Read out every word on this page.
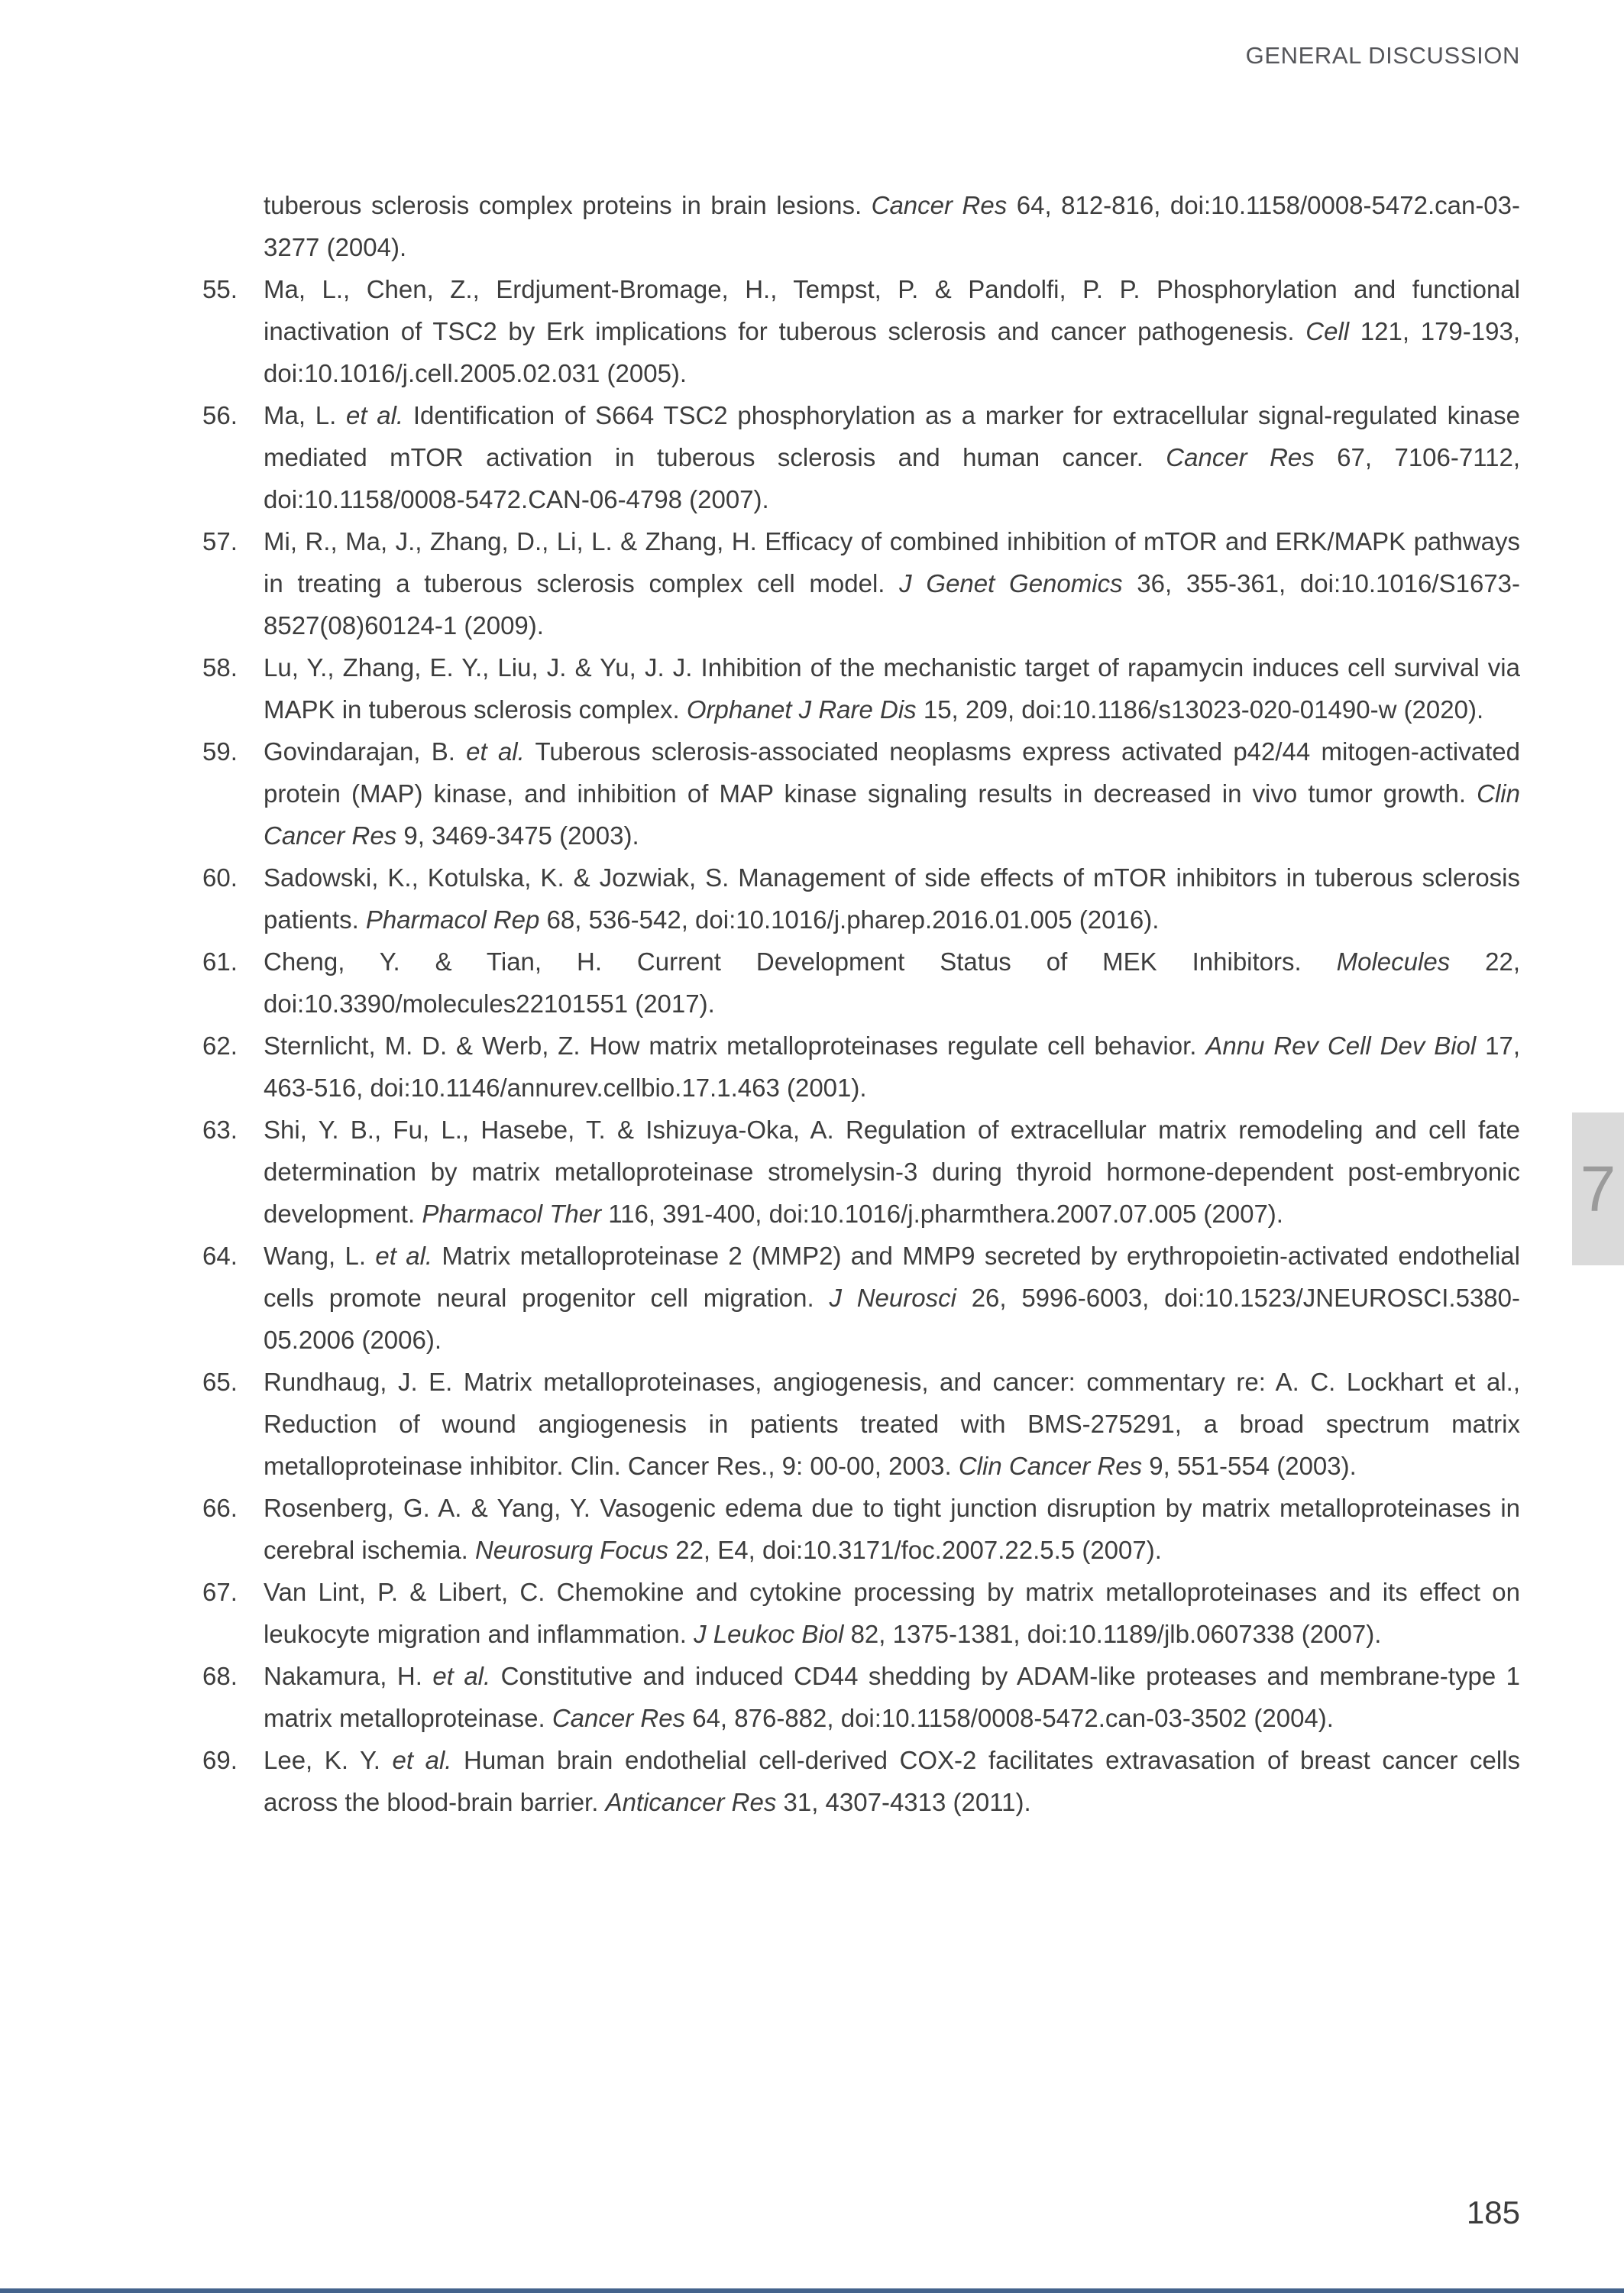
GENERAL DISCUSSION
tuberous sclerosis complex proteins in brain lesions. Cancer Res 64, 812-816, doi:10.1158/0008-5472.can-03-3277 (2004).
55.	Ma, L., Chen, Z., Erdjument-Bromage, H., Tempst, P. & Pandolfi, P. P. Phosphorylation and functional inactivation of TSC2 by Erk implications for tuberous sclerosis and cancer pathogenesis. Cell 121, 179-193, doi:10.1016/j.cell.2005.02.031 (2005).
56.	Ma, L. et al. Identification of S664 TSC2 phosphorylation as a marker for extracellular signal-regulated kinase mediated mTOR activation in tuberous sclerosis and human cancer. Cancer Res 67, 7106-7112, doi:10.1158/0008-5472.CAN-06-4798 (2007).
57.	Mi, R., Ma, J., Zhang, D., Li, L. & Zhang, H. Efficacy of combined inhibition of mTOR and ERK/MAPK pathways in treating a tuberous sclerosis complex cell model. J Genet Genomics 36, 355-361, doi:10.1016/S1673-8527(08)60124-1 (2009).
58.	Lu, Y., Zhang, E. Y., Liu, J. & Yu, J. J. Inhibition of the mechanistic target of rapamycin induces cell survival via MAPK in tuberous sclerosis complex. Orphanet J Rare Dis 15, 209, doi:10.1186/s13023-020-01490-w (2020).
59.	Govindarajan, B. et al. Tuberous sclerosis-associated neoplasms express activated p42/44 mitogen-activated protein (MAP) kinase, and inhibition of MAP kinase signaling results in decreased in vivo tumor growth. Clin Cancer Res 9, 3469-3475 (2003).
60.	Sadowski, K., Kotulska, K. & Jozwiak, S. Management of side effects of mTOR inhibitors in tuberous sclerosis patients. Pharmacol Rep 68, 536-542, doi:10.1016/j.pharep.2016.01.005 (2016).
61.	Cheng, Y. & Tian, H. Current Development Status of MEK Inhibitors. Molecules 22, doi:10.3390/molecules22101551 (2017).
62.	Sternlicht, M. D. & Werb, Z. How matrix metalloproteinases regulate cell behavior. Annu Rev Cell Dev Biol 17, 463-516, doi:10.1146/annurev.cellbio.17.1.463 (2001).
63.	Shi, Y. B., Fu, L., Hasebe, T. & Ishizuya-Oka, A. Regulation of extracellular matrix remodeling and cell fate determination by matrix metalloproteinase stromelysin-3 during thyroid hormone-dependent post-embryonic development. Pharmacol Ther 116, 391-400, doi:10.1016/j.pharmthera.2007.07.005 (2007).
64.	Wang, L. et al. Matrix metalloproteinase 2 (MMP2) and MMP9 secreted by erythropoietin-activated endothelial cells promote neural progenitor cell migration. J Neurosci 26, 5996-6003, doi:10.1523/JNEUROSCI.5380-05.2006 (2006).
65.	Rundhaug, J. E. Matrix metalloproteinases, angiogenesis, and cancer: commentary re: A. C. Lockhart et al., Reduction of wound angiogenesis in patients treated with BMS-275291, a broad spectrum matrix metalloproteinase inhibitor. Clin. Cancer Res., 9: 00-00, 2003. Clin Cancer Res 9, 551-554 (2003).
66.	Rosenberg, G. A. & Yang, Y. Vasogenic edema due to tight junction disruption by matrix metalloproteinases in cerebral ischemia. Neurosurg Focus 22, E4, doi:10.3171/foc.2007.22.5.5 (2007).
67.	Van Lint, P. & Libert, C. Chemokine and cytokine processing by matrix metalloproteinases and its effect on leukocyte migration and inflammation. J Leukoc Biol 82, 1375-1381, doi:10.1189/jlb.0607338 (2007).
68.	Nakamura, H. et al. Constitutive and induced CD44 shedding by ADAM-like proteases and membrane-type 1 matrix metalloproteinase. Cancer Res 64, 876-882, doi:10.1158/0008-5472.can-03-3502 (2004).
69.	Lee, K. Y. et al. Human brain endothelial cell-derived COX-2 facilitates extravasation of breast cancer cells across the blood-brain barrier. Anticancer Res 31, 4307-4313 (2011).
7
185
